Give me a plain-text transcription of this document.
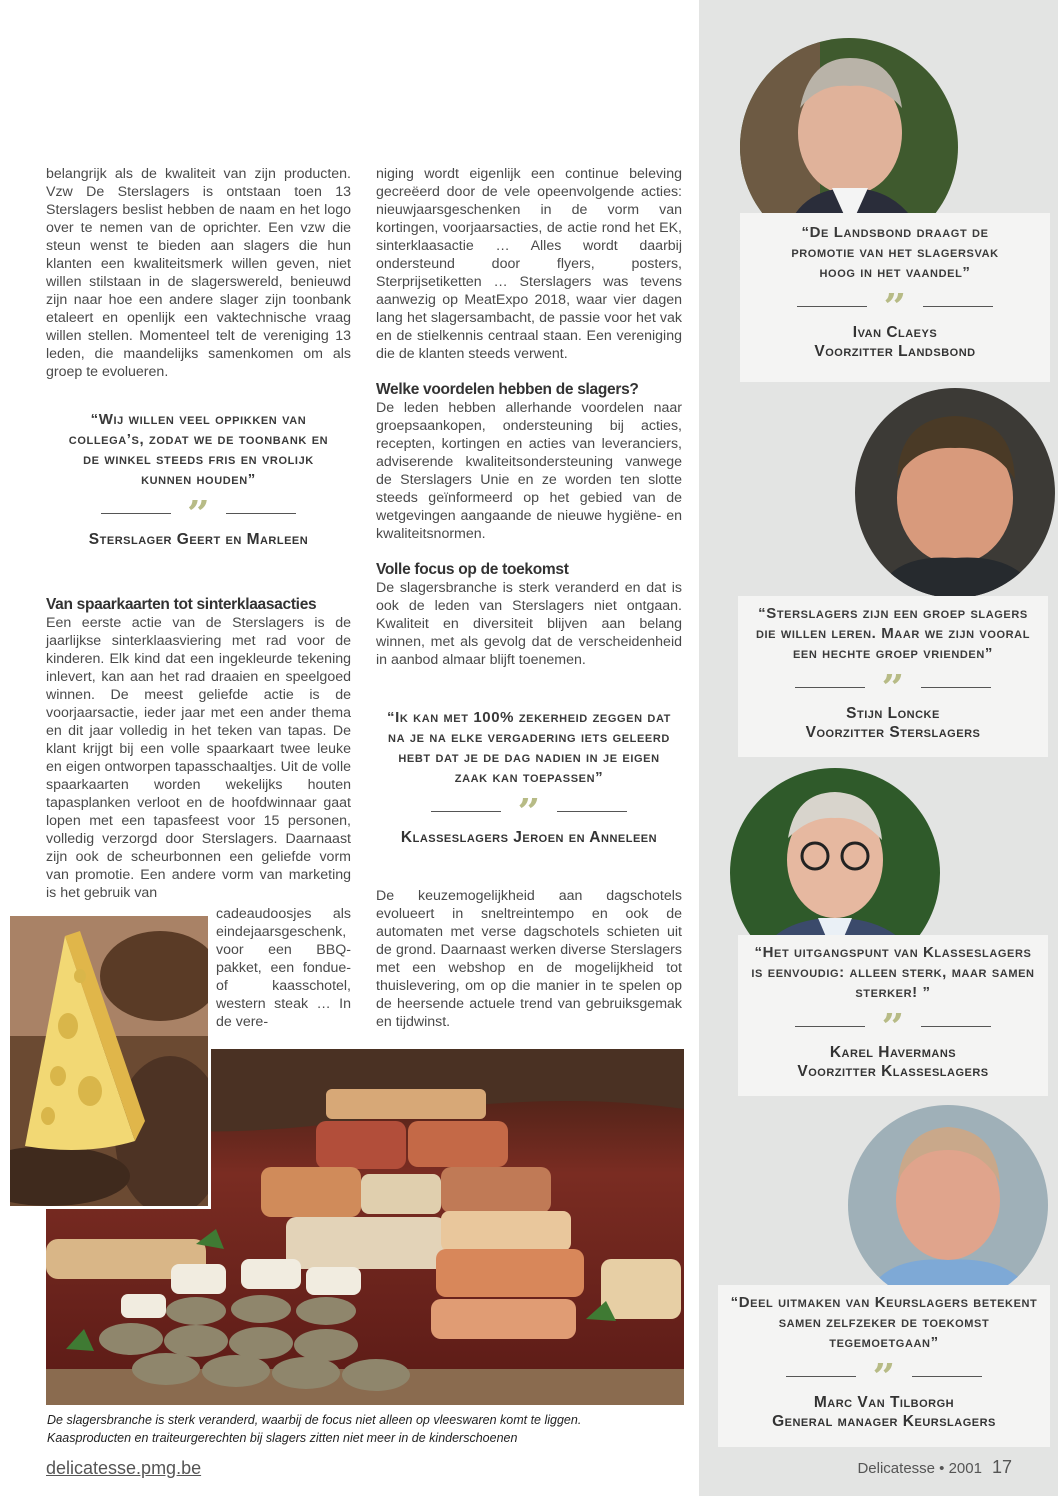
belangrijk als de kwaliteit van zijn producten. Vzw De Sterslagers is ontstaan toen 13 Sterslagers beslist hebben de naam en het logo over te nemen van de oprichter. Een vzw die steun wenst te bieden aan slagers die hun klanten een kwaliteitsmerk willen geven, niet willen stilstaan in de slagerswereld, benieuwd zijn naar hoe een andere slager zijn toonbank etaleert en openlijk een vaktechnische vraag willen stellen. Momenteel telt de vereniging 13 leden, die maandelijks samenkomen om als groep te evolueren.

“Wij willen veel oppikken van collega’s, zodat we de toonbank en de winkel steeds fris en vrolijk kunnen houden”
”
Sterslager Geert en Marleen
Van spaarkaarten tot sinterklaasacties

Een eerste actie van de Sterslagers is de jaarlijkse sinterklaasviering met rad voor de kinderen. Elk kind dat een ingekleurde tekening inlevert, kan aan het rad draaien en speelgoed winnen. De meest geliefde actie is de voorjaarsactie, ieder jaar met een ander thema en dit jaar volledig in het teken van tapas. De klant krijgt bij een volle spaarkaart twee leuke en eigen ontworpen tapasschaaltjes. Uit de volle spaarkaarten worden wekelijks houten tapasplanken verloot en de hoofdwinnaar gaat lopen met een tapasfeest voor 15 personen, volledig verzorgd door Sterslagers. Daarnaast zijn ook de scheurbonnen een geliefde vorm van promotie. Een andere vorm van marketing is het gebruik van

cadeaudoosjes als eindejaarsgeschenk, voor een BBQ-pakket, een fondue- of kaasschotel, western steak … In de vere-

niging wordt eigenlijk een continue beleving gecreëerd door de vele opeenvolgende acties: nieuwjaarsgeschenken in de vorm van kortingen, voorjaarsacties, de actie rond het EK, sinterklaasactie … Alles wordt daarbij ondersteund door flyers, posters, Sterprijsetiketten … Sterslagers was tevens aanwezig op MeatExpo 2018, waar vier dagen lang het slagersambacht, de passie voor het vak en de stielkennis centraal staan. Een vereniging die de klanten steeds verwent.

Welke voordelen hebben de slagers?

De leden hebben allerhande voordelen naar groepsaankopen, ondersteuning bij acties, recepten, kortingen en acties van leveranciers, adviserende kwaliteitsondersteuning vanwege de Sterslagers Unie en ze worden ten slotte steeds geïnformeerd op het gebied van de wetgevingen aangaande de nieuwe hygiëne- en kwaliteitsnormen.

Volle focus op de toekomst

De slagersbranche is sterk veranderd en dat is ook de leden van Sterslagers niet ontgaan. Kwaliteit en diversiteit blijven aan belang winnen, met als gevolg dat de verscheidenheid in aanbod almaar blijft toenemen.

“Ik kan met 100% zekerheid zeggen dat na je na elke vergadering iets geleerd hebt dat je de dag nadien in je eigen zaak kan toepassen”
”
Klasseslagers Jeroen en Anneleen

De keuzemogelijkheid aan dagschotels evolueert in sneltreintempo en ook de automaten met verse dagschotels schieten uit de grond. Daarnaast werken diverse Sterslagers met een webshop en de mogelijkheid tot thuislevering, om op die manier in te spelen op de heersende actuele trend van gebruiksgemak en tijdwinst.

De slagersbranche is sterk veranderd, waarbij de focus niet alleen op vleeswaren komt te liggen.
Kaasproducten en traiteurgerechten bij slagers zitten niet meer in de kinderschoenen
“De Landsbond draagt de promotie van het slagersvak hoog in het vaandel”
”
Ivan Claeys
Voorzitter Landsbond
“Sterslagers zijn een groep slagers die willen leren. Maar we zijn vooral een hechte groep vrienden”
”
Stijn Loncke
Voorzitter Sterslagers
“Het uitgangspunt van Klasseslagers is eenvoudig: alleen sterk, maar samen sterker! ”
”
Karel Havermans
Voorzitter Klasseslagers
“Deel uitmaken van Keurslagers betekent samen zelfzeker de toekomst tegemoetgaan”
”
Marc Van Tilborgh
General manager Keurslagers
delicatesse.pmg.be	Delicatesse • 2001 17
